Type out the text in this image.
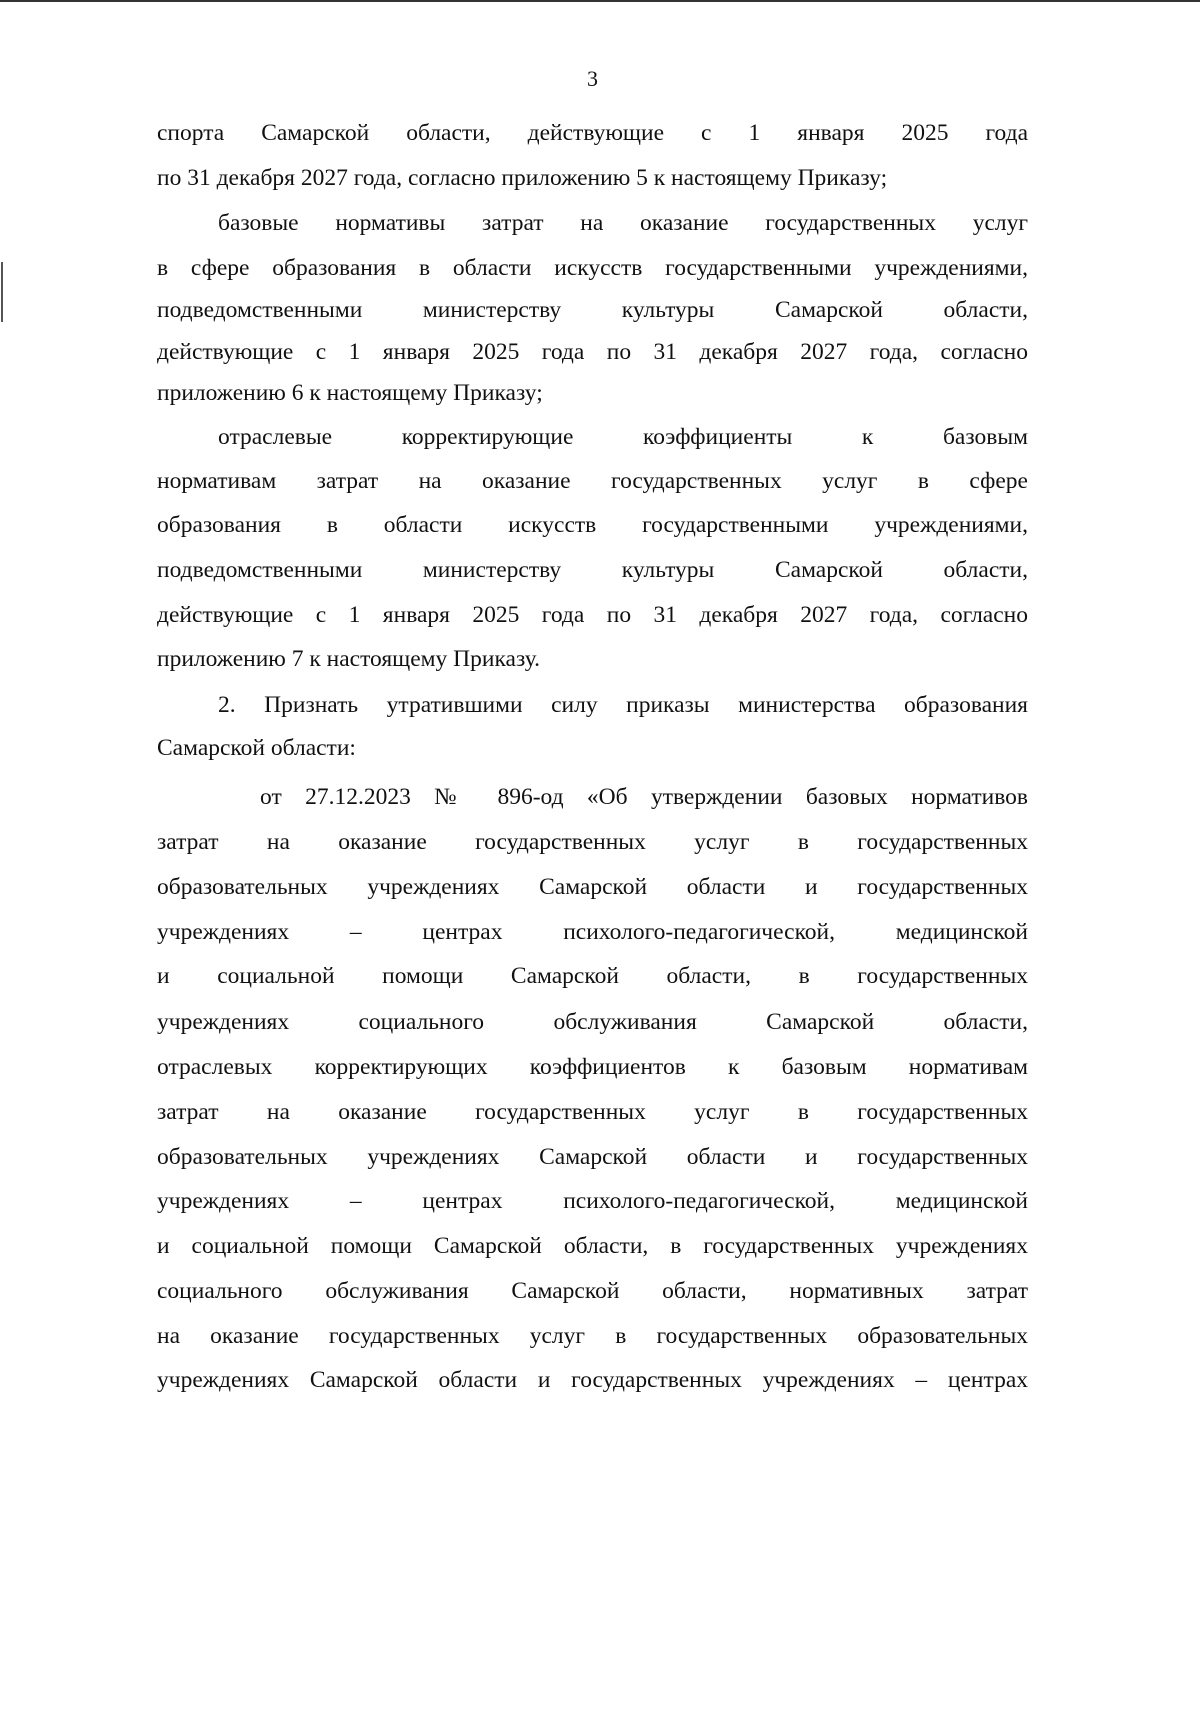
3
спорта Самарской области, действующие с 1 января 2025 года
по 31 декабря 2027 года, согласно приложению 5 к настоящему Приказу;
базовые нормативы затрат на оказание государственных услуг
в сфере образования в области искусств государственными учреждениями,
подведомственными министерству культуры Самарской области,
действующие с 1 января 2025 года по 31 декабря 2027 года, согласно
приложению 6 к настоящему Приказу;
отраслевые корректирующие коэффициенты к базовым
нормативам затрат на оказание государственных услуг в сфере
образования в области искусств государственными учреждениями,
подведомственными министерству культуры Самарской области,
действующие с 1 января 2025 года по 31 декабря 2027 года, согласно
приложению 7 к настоящему Приказу.
2. Признать утратившими силу приказы министерства образования
Самарской области:
от 27.12.2023 № 896-од «Об утверждении базовых нормативов
затрат на оказание государственных услуг в государственных
образовательных учреждениях Самарской области и государственных
учреждениях – центрах психолого-педагогической, медицинской
и социальной помощи Самарской области, в государственных
учреждениях социального обслуживания Самарской области,
отраслевых корректирующих коэффициентов к базовым нормативам
затрат на оказание государственных услуг в государственных
образовательных учреждениях Самарской области и государственных
учреждениях – центрах психолого-педагогической, медицинской
и социальной помощи Самарской области, в государственных учреждениях
социального обслуживания Самарской области, нормативных затрат
на оказание государственных услуг в государственных образовательных
учреждениях Самарской области и государственных учреждениях – центрах
